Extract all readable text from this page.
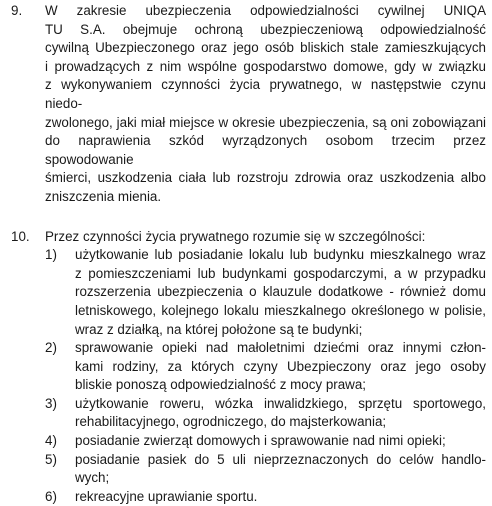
9. W zakresie ubezpieczenia odpowiedzialności cywilnej UNIQA
TU S.A. obejmuje ochroną ubezpieczeniową odpowiedzialność
cywilną Ubezpieczonego oraz jego osób bliskich stale zamieszkujących
i prowadzących z nim wspólne gospodarstwo domowe, gdy w związku
z wykonywaniem czynności życia prywatnego, w następstwie czynu niedo-
zwolonego, jaki miał miejsce w okresie ubezpieczenia, są oni zobowiązani
do naprawienia szkód wyrządzonych osobom trzecim przez spowodowanie
śmierci, uszkodzenia ciała lub rozstroju zdrowia oraz uszkodzenia albo
zniszczenia mienia.
10. Przez czynności życia prywatnego rozumie się w szczególności:
1) użytkowanie lub posiadanie lokalu lub budynku mieszkalnego wraz
z pomieszczeniami lub budynkami gospodarczymi, a w przypadku
rozszerzenia ubezpieczenia o klauzule dodatkowe - również domu
letniskowego, kolejnego lokalu mieszkalnego określonego w polisie,
wraz z działką, na której położone są te budynki;
2) sprawowanie opieki nad małoletnimi dziećmi oraz innymi człon-
kami rodziny, za których czyny Ubezpieczony oraz jego osoby
bliskie ponoszą odpowiedzialność z mocy prawa;
3) użytkowanie roweru, wózka inwalidzkiego, sprzętu sportowego,
rehabilitacyjnego, ogrodniczego, do majsterkowania;
4) posiadanie zwierząt domowych i sprawowanie nad nimi opieki;
5) posiadanie pasiek do 5 uli nieprzeznaczonych do celów handlo-
wych;
6) rekreacyjne uprawianie sportu.
